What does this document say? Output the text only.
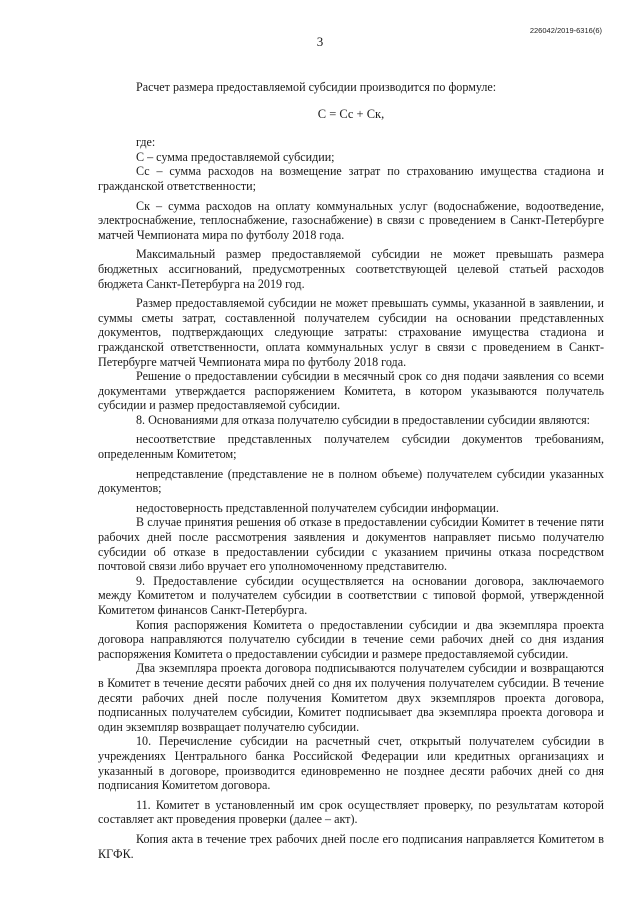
226042/2019-6316(6)
3

Расчет размера предоставляемой субсидии производится по формуле:

С = Сс + Ск,

где:

С – сумма предоставляемой субсидии;

Сс – сумма расходов на возмещение затрат по страхованию имущества стадиона и гражданской ответственности;

Ск – сумма расходов на оплату коммунальных услуг (водоснабжение, водоотведение, электроснабжение, теплоснабжение, газоснабжение) в связи с проведением в Санкт-Петербурге матчей Чемпионата мира по футболу 2018 года.

Максимальный размер предоставляемой субсидии не может превышать размера бюджетных ассигнований, предусмотренных соответствующей целевой статьей расходов бюджета Санкт-Петербурга на 2019 год.

Размер предоставляемой субсидии не может превышать суммы, указанной в заявлении, и суммы сметы затрат, составленной получателем субсидии на основании представленных документов, подтверждающих следующие затраты: страхование имущества стадиона и гражданской ответственности, оплата коммунальных услуг в связи с проведением в Санкт-Петербурге матчей Чемпионата мира по футболу 2018 года.

Решение о предоставлении субсидии в месячный срок со дня подачи заявления со всеми документами утверждается распоряжением Комитета, в котором указываются получатель субсидии и размер предоставляемой субсидии.

8. Основаниями для отказа получателю субсидии в предоставлении субсидии являются:

несоответствие представленных получателем субсидии документов требованиям, определенным Комитетом;

непредставление (представление не в полном объеме) получателем субсидии указанных документов;

недостоверность представленной получателем субсидии информации.

В случае принятия решения об отказе в предоставлении субсидии Комитет в течение пяти рабочих дней после рассмотрения заявления и документов направляет письмо получателю субсидии об отказе в предоставлении субсидии с указанием причины отказа посредством почтовой связи либо вручает его уполномоченному представителю.

9. Предоставление субсидии осуществляется на основании договора, заключаемого между Комитетом и получателем субсидии в соответствии с типовой формой, утвержденной Комитетом финансов Санкт-Петербурга.

Копия распоряжения Комитета о предоставлении субсидии и два экземпляра проекта договора направляются получателю субсидии в течение семи рабочих дней со дня издания распоряжения Комитета о предоставлении субсидии и размере предоставляемой субсидии.

Два экземпляра проекта договора подписываются получателем субсидии и возвращаются в Комитет в течение десяти рабочих дней со дня их получения получателем субсидии. В течение десяти рабочих дней после получения Комитетом двух экземпляров проекта договора, подписанных получателем субсидии, Комитет подписывает два экземпляра проекта договора и один экземпляр возвращает получателю субсидии.

10. Перечисление субсидии на расчетный счет, открытый получателем субсидии в учреждениях Центрального банка Российской Федерации или кредитных организациях и указанный в договоре, производится единовременно не позднее десяти рабочих дней со дня подписания Комитетом договора.

11. Комитет в установленный им срок осуществляет проверку, по результатам которой составляет акт проведения проверки (далее – акт).

Копия акта в течение трех рабочих дней после его подписания направляется Комитетом в КГФК.
